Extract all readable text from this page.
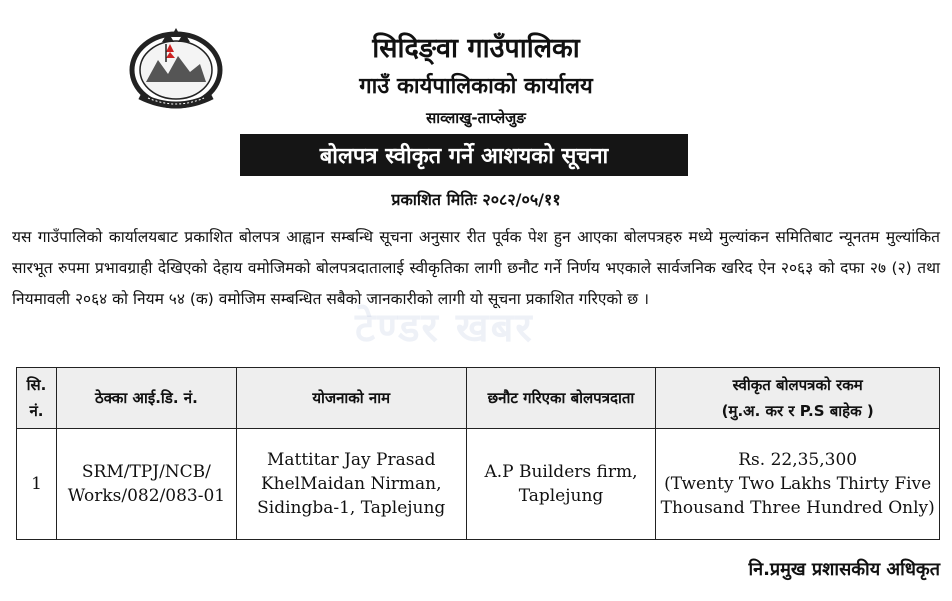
सिदिङ्वा गाउँपालिका
गाउँ कार्यपालिकाको कार्यालय
साव्लाखु-ताप्लेजुङ
बोलपत्र स्वीकृत गर्ने आशयको सूचना
प्रकाशित मितिः २०८२/०५/११
टेण्डर खबर
यस गाउँपालिको कार्यालयबाट प्रकाशित बोलपत्र आह्वान सम्बन्धि सूचना अनुसार रीत पूर्वक पेश हुन आएका बोलपत्रहरु मध्ये मुल्यांकन समितिबाट न्यूनतम मुल्यांकित सारभूत रुपमा प्रभावग्राही देखिएको देहाय वमोजिमको बोलपत्रदातालाई स्वीकृतिका लागी छनौट गर्ने निर्णय भएकाले सार्वजनिक खरिद ऐन २०६३ को दफा २७ (२) तथा नियमावली २०६४ को नियम ५४ (क) वमोजिम सम्बन्धित सबैको जानकारीको लागी यो सूचना प्रकाशित गरिएको छ ।
सि. नं.	ठेक्का आई.डि. नं.	योजनाको नाम	छनौट गरिएका बोलपत्रदाता	स्वीकृत बोलपत्रको रकम
(मु.अ. कर र P.S बाहेक )

1	SRM/TPJ/NCB/ Works/082/083-01	Mattitar Jay Prasad KhelMaidan Nirman, Sidingba-1, Taplejung	A.P Builders firm, Taplejung	Rs. 22,35,300
(Twenty Two Lakhs Thirty Five Thousand Three Hundred Only)
नि.प्रमुख प्रशासकीय अधिकृत
